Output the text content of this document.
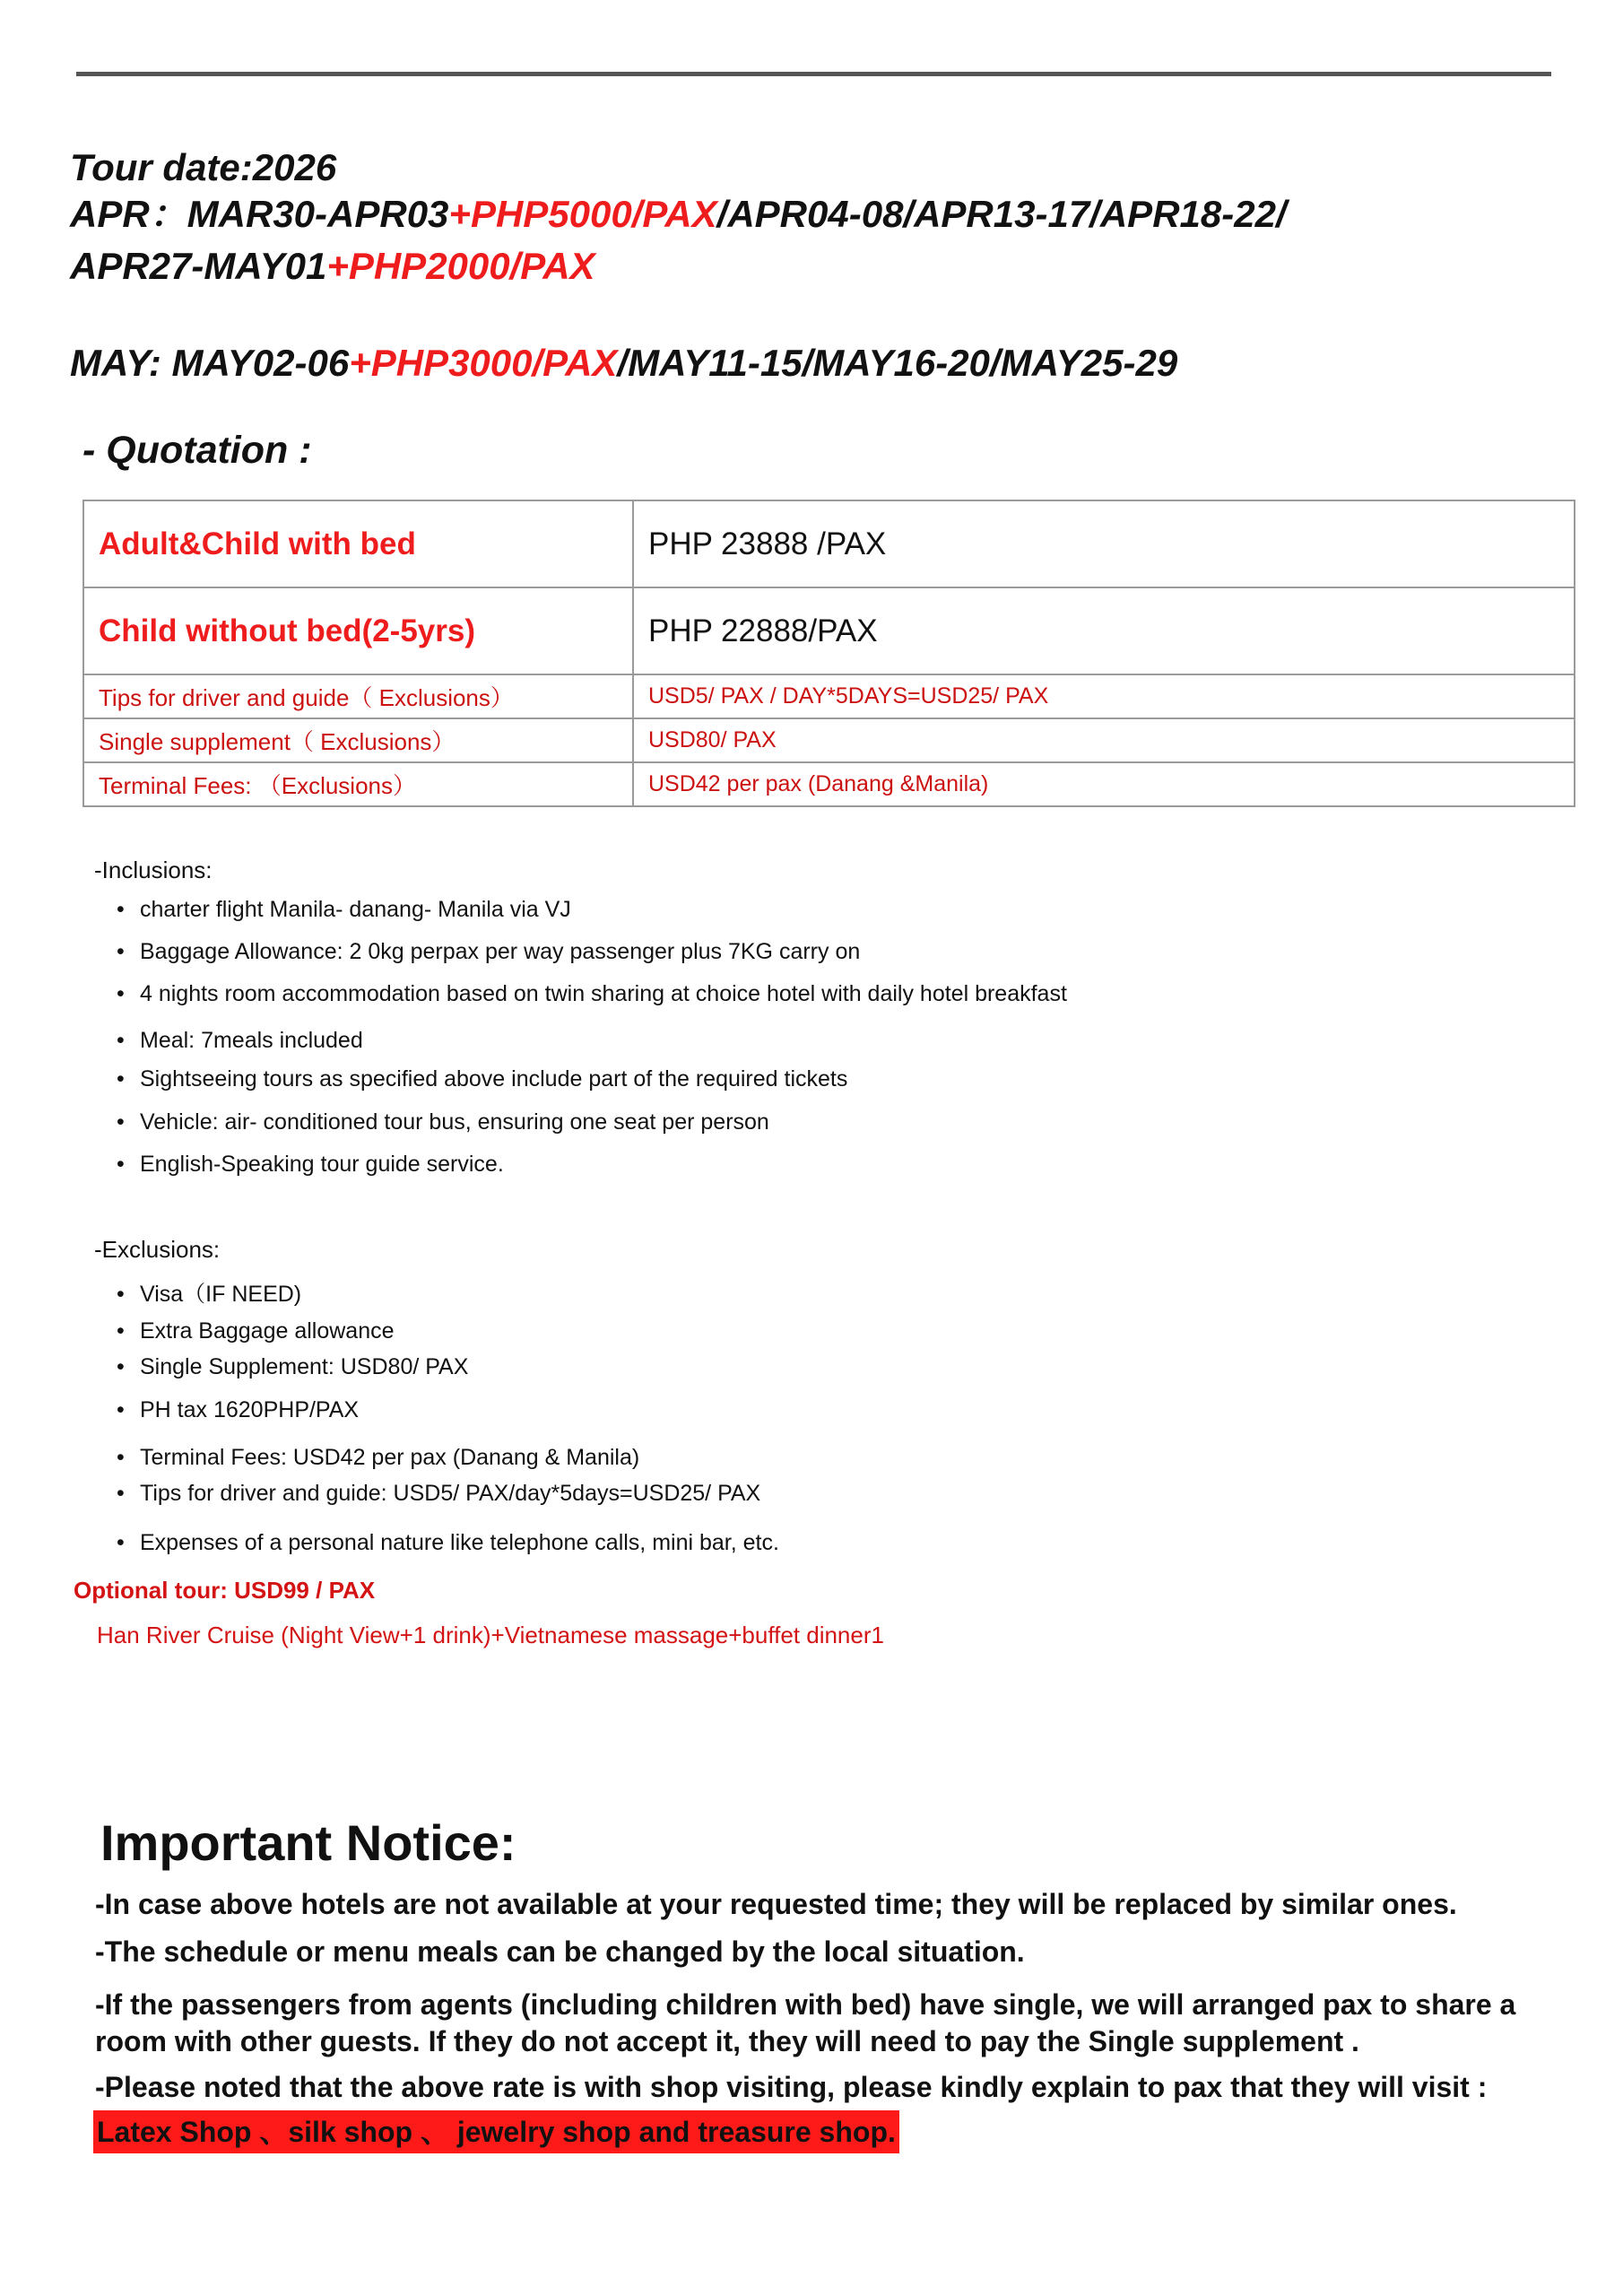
Tour date:2026
APR：MAR30-APR03+PHP5000/PAX/APR04-08/APR13-17/APR18-22/
APR27-MAY01+PHP2000/PAX
MAY: MAY02-06+PHP3000/PAX/MAY11-15/MAY16-20/MAY25-29
- Quotation :
Adult&Child with bed	PHP 23888 /PAX
Child without bed(2-5yrs)	PHP 22888/PAX
Tips for driver and guide（ Exclusions）	USD5/ PAX / DAY*5DAYS=USD25/ PAX
Single supplement（ Exclusions）	USD80/ PAX
Terminal Fees: （Exclusions）	USD42 per pax (Danang &Manila)
-Inclusions:
• charter flight Manila- danang- Manila via VJ
• Baggage Allowance: 2 0kg perpax per way passenger plus 7KG carry on
• 4 nights room accommodation based on twin sharing at choice hotel with daily hotel breakfast
• Meal: 7meals included
• Sightseeing tours as specified above include part of the required tickets
• Vehicle: air- conditioned tour bus, ensuring one seat per person
• English-Speaking tour guide service.
-Exclusions:
• Visa（IF NEED)
• Extra Baggage allowance
• Single Supplement: USD80/ PAX
• PH tax 1620PHP/PAX
• Terminal Fees: USD42 per pax (Danang & Manila)
• Tips for driver and guide: USD5/ PAX/day*5days=USD25/ PAX
• Expenses of a personal nature like telephone calls, mini bar, etc.
Optional tour: USD99 / PAX
Han River Cruise (Night View+1 drink)+Vietnamese massage+buffet dinner1
Important Notice:
-In case above hotels are not available at your requested time; they will be replaced by similar ones.
-The schedule or menu meals can be changed by the local situation.
-If the passengers from agents (including children with bed) have single, we will arranged pax to share a
room with other guests. If they do not accept it, they will need to pay the Single supplement .
-Please noted that the above rate is with shop visiting, please kindly explain to pax that they will visit :
Latex Shop 、silk shop 、 jewelry shop and treasure shop.
